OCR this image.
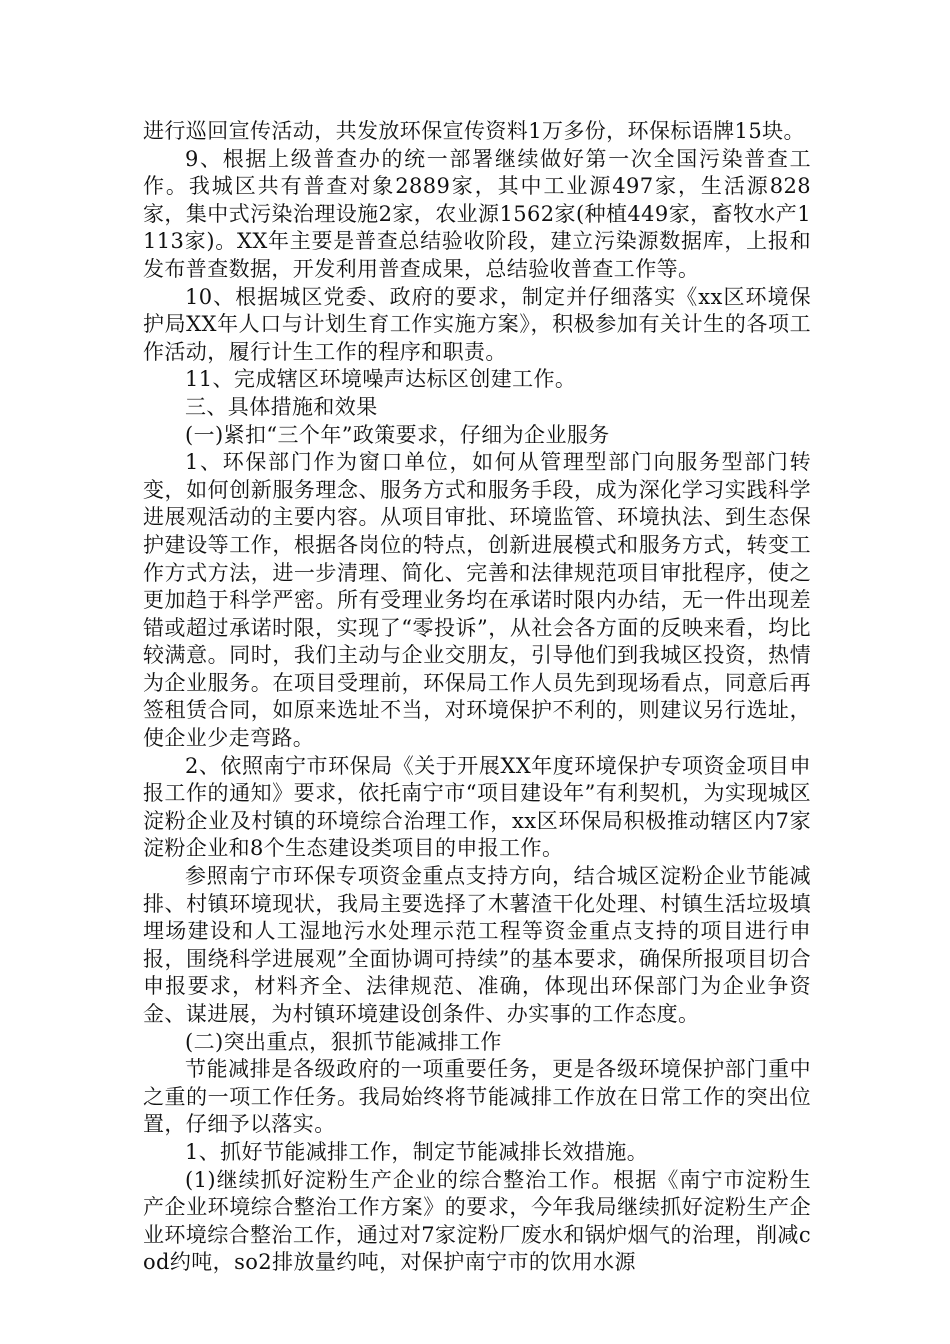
进行巡回宣传活动，共发放环保宣传资料1万多份，环保标语牌15块。

9、根据上级普查办的统一部署继续做好第一次全国污染普查工作。我城区共有普查对象2889家，其中工业源497家，生活源828家，集中式污染治理设施2家，农业源1562家(种植449家，畜牧水产1113家)。XX年主要是普查总结验收阶段，建立污染源数据库，上报和发布普查数据，开发利用普查成果，总结验收普查工作等。

10、根据城区党委、政府的要求，制定并仔细落实《xx区环境保护局XX年人口与计划生育工作实施方案》，积极参加有关计生的各项工作活动，履行计生工作的程序和职责。

11、完成辖区环境噪声达标区创建工作。

三、具体措施和效果

(一)紧扣“三个年”政策要求，仔细为企业服务

1、环保部门作为窗口单位，如何从管理型部门向服务型部门转变，如何创新服务理念、服务方式和服务手段，成为深化学习实践科学进展观活动的主要内容。从项目审批、环境监管、环境执法、到生态保护建设等工作，根据各岗位的特点，创新进展模式和服务方式，转变工作方式方法，进一步清理、简化、完善和法律规范项目审批程序，使之更加趋于科学严密。所有受理业务均在承诺时限内办结，无一件出现差错或超过承诺时限，实现了“零投诉”，从社会各方面的反映来看，均比较满意。同时，我们主动与企业交朋友，引导他们到我城区投资，热情为企业服务。在项目受理前，环保局工作人员先到现场看点，同意后再签租赁合同，如原来选址不当，对环境保护不利的，则建议另行选址，使企业少走弯路。

2、依照南宁市环保局《关于开展XX年度环境保护专项资金项目申报工作的通知》要求，依托南宁市“项目建设年”有利契机，为实现城区淀粉企业及村镇的环境综合治理工作，xx区环保局积极推动辖区内7家淀粉企业和8个生态建设类项目的申报工作。

参照南宁市环保专项资金重点支持方向，结合城区淀粉企业节能减排、村镇环境现状，我局主要选择了木薯渣干化处理、村镇生活垃圾填埋场建设和人工湿地污水处理示范工程等资金重点支持的项目进行申报，围绕科学进展观”全面协调可持续”的基本要求，确保所报项目切合申报要求，材料齐全、法律规范、准确，体现出环保部门为企业争资金、谋进展，为村镇环境建设创条件、办实事的工作态度。

(二)突出重点，狠抓节能减排工作

节能减排是各级政府的一项重要任务，更是各级环境保护部门重中之重的一项工作任务。我局始终将节能减排工作放在日常工作的突出位置，仔细予以落实。

1、抓好节能减排工作，制定节能减排长效措施。

(1)继续抓好淀粉生产企业的综合整治工作。根据《南宁市淀粉生产企业环境综合整治工作方案》的要求，今年我局继续抓好淀粉生产企业环境综合整治工作，通过对7家淀粉厂废水和锅炉烟气的治理，削减cod约吨，so2排放量约吨，对保护南宁市的饮用水源
